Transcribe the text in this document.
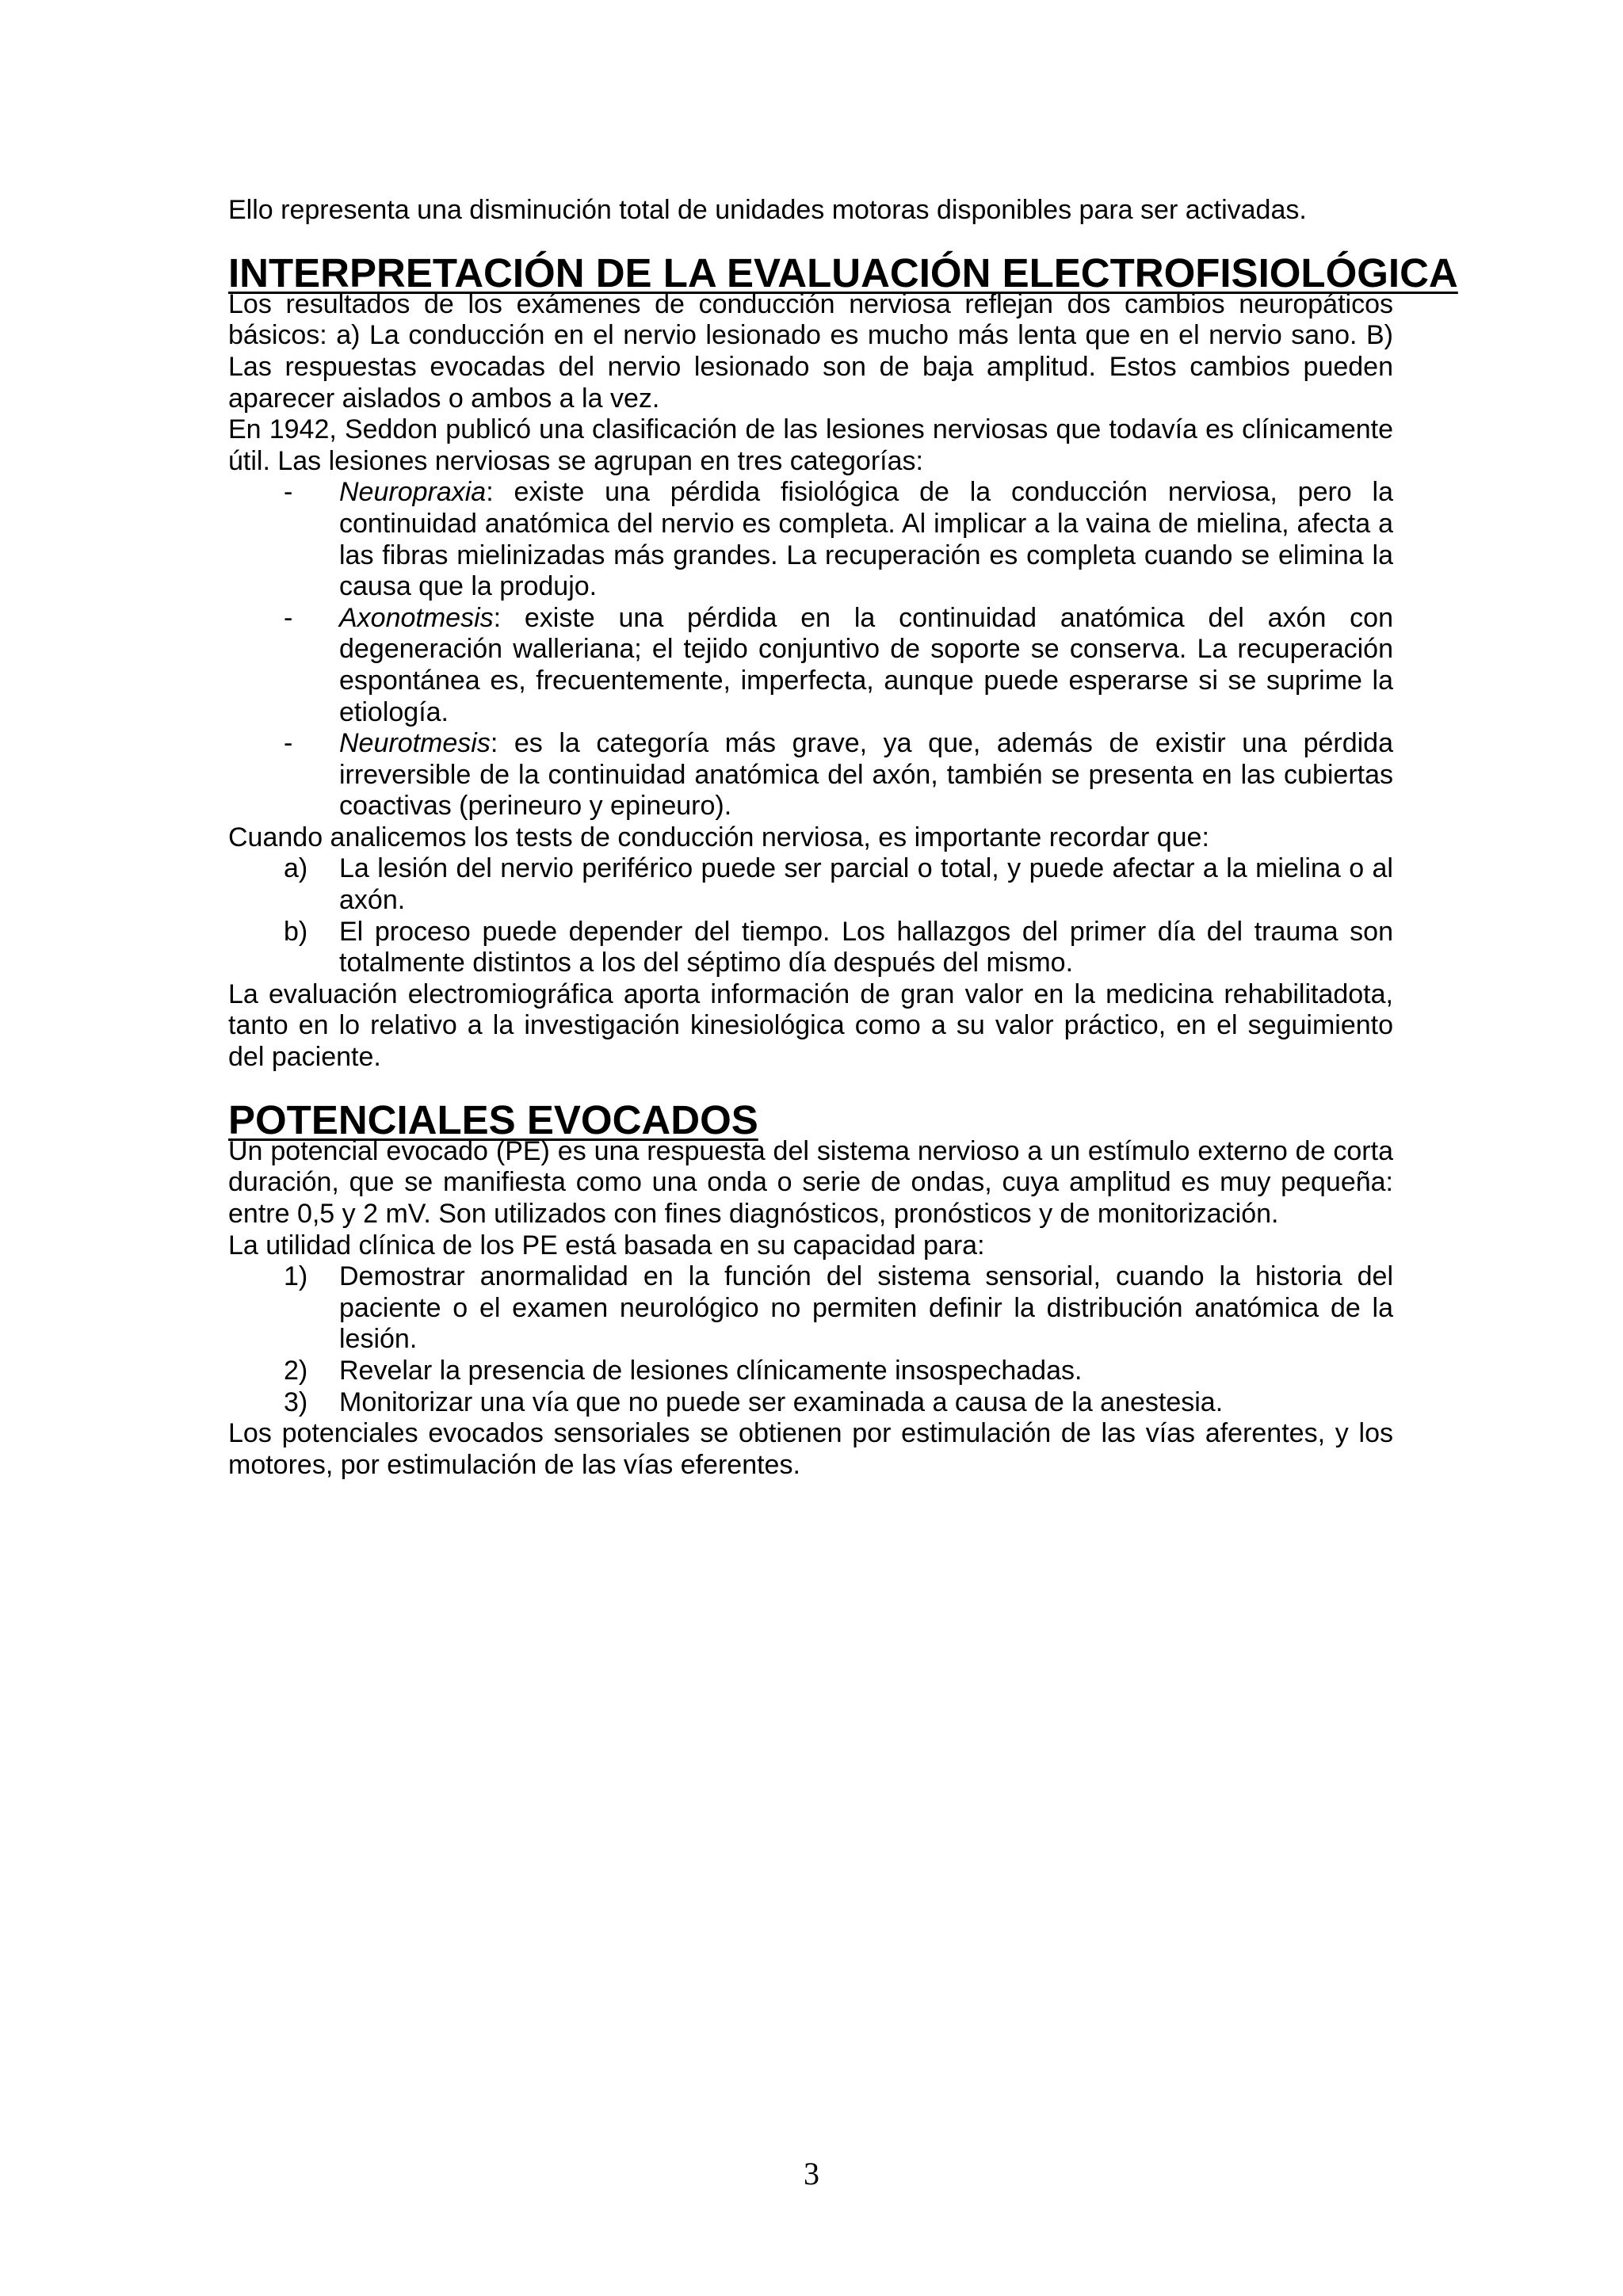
Ello representa una disminución total de unidades motoras disponibles para ser activadas.

INTERPRETACIÓN DE LA EVALUACIÓN ELECTROFISIOLÓGICA

Los resultados de los exámenes de conducción nerviosa reflejan dos cambios neuropáticos básicos: a) La conducción en el nervio lesionado es mucho más lenta que en el nervio sano. B) Las respuestas evocadas del nervio lesionado son de baja amplitud. Estos cambios pueden aparecer aislados o ambos a la vez.

En 1942, Seddon publicó una clasificación de las lesiones nerviosas que todavía es clínicamente útil. Las lesiones nerviosas se agrupan en tres categorías:

- Neuropraxia: existe una pérdida fisiológica de la conducción nerviosa, pero la continuidad anatómica del nervio es completa. Al implicar a la vaina de mielina, afecta a las fibras mielinizadas más grandes. La recuperación es completa cuando se elimina la causa que la produjo.
- Axonotmesis: existe una pérdida en la continuidad anatómica del axón con degeneración walleriana; el tejido conjuntivo de soporte se conserva. La recuperación espontánea es, frecuentemente, imperfecta, aunque puede esperarse si se suprime la etiología.
- Neurotmesis: es la categoría más grave, ya que, además de existir una pérdida irreversible de la continuidad anatómica del axón, también se presenta en las cubiertas coactivas (perineuro y epineuro).

Cuando analicemos los tests de conducción nerviosa, es importante recordar que:

a) La lesión del nervio periférico puede ser parcial o total, y puede afectar a la mielina o al axón.
b) El proceso puede depender del tiempo. Los hallazgos del primer día del trauma son totalmente distintos a los del séptimo día después del mismo.

La evaluación electromiográfica aporta información de gran valor en la medicina rehabilitadota, tanto en lo relativo a la investigación kinesiológica como a su valor práctico, en el seguimiento del paciente.

POTENCIALES EVOCADOS

Un potencial evocado (PE) es una respuesta del sistema nervioso a un estímulo externo de corta duración, que se manifiesta como una onda o serie de ondas, cuya amplitud es muy pequeña: entre 0,5 y 2 mV. Son utilizados con fines diagnósticos, pronósticos y de monitorización.

La utilidad clínica de los PE está basada en su capacidad para:

1) Demostrar anormalidad en la función del sistema sensorial, cuando la historia del paciente o el examen neurológico no permiten definir la distribución anatómica de la lesión.
2) Revelar la presencia de lesiones clínicamente insospechadas.
3) Monitorizar una vía que no puede ser examinada a causa de la anestesia.

Los potenciales evocados sensoriales se obtienen por estimulación de las vías aferentes, y los motores, por estimulación de las vías eferentes.

3
